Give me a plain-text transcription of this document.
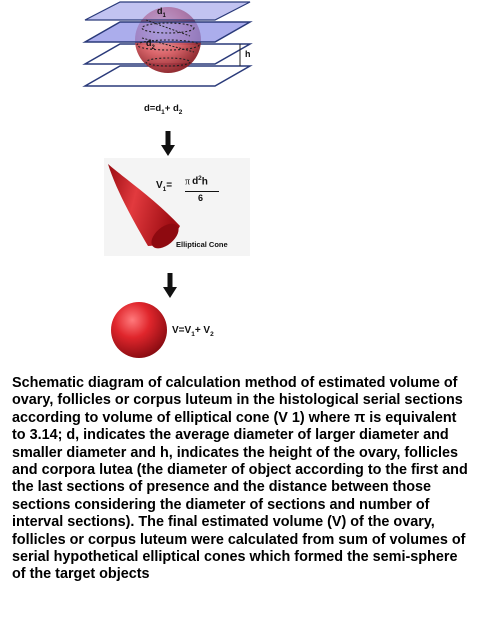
$d_1$
$d_2$
h
$d=d_1+ d_2$
$V_1= \pi$ $d^2h$
6
Elliptical Cone
$V=V_1+ V_2$
Schematic diagram of calculation method of estimated volume of ovary, follicles or corpus luteum in the histological serial sections according to volume of elliptical cone (V 1) where π is equivalent to 3.14; d, indicates the average diameter of larger diameter and smaller diameter and h, indicates the height of the ovary, follicles and corpora lutea (the diameter of object according to the first and the last sections of presence and the distance between those sections considering the diameter of sections and number of interval sections). The final estimated volume (V) of the ovary, follicles or corpus luteum were calculated from sum of volumes of serial hypothetical elliptical cones which formed the semi-sphere of the target objects
